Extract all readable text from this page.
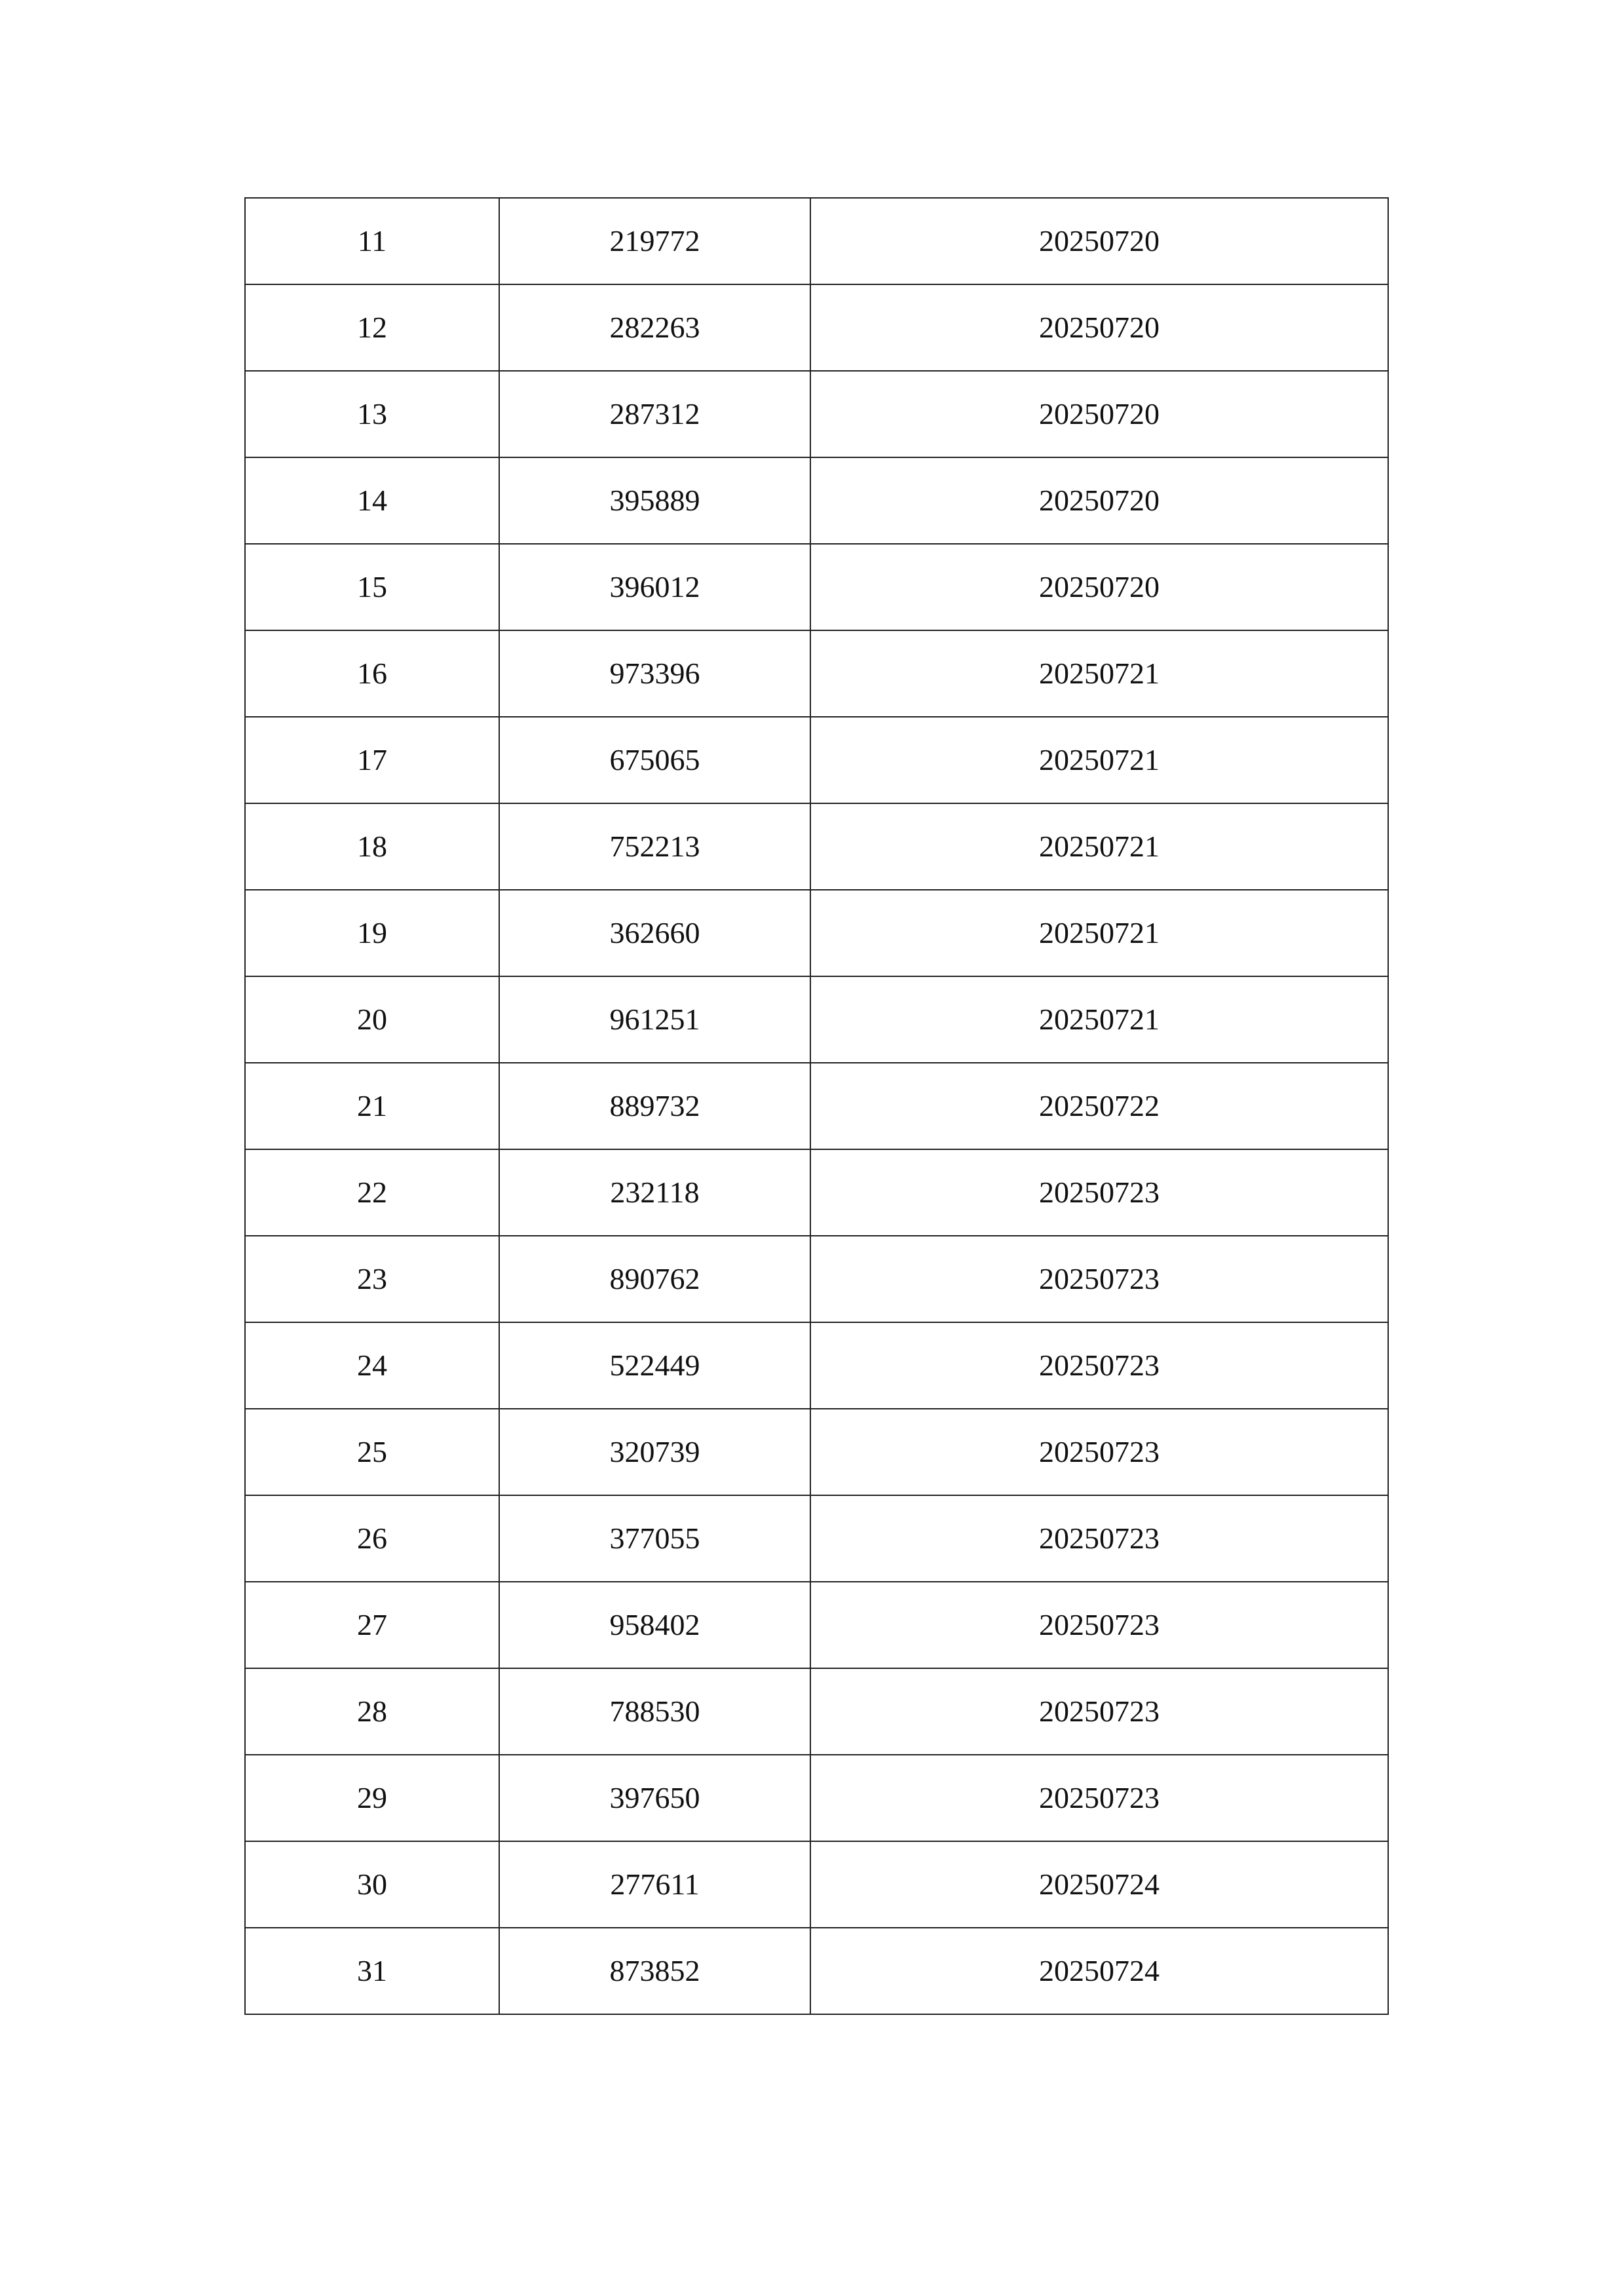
11	219772	20250720
12	282263	20250720
13	287312	20250720
14	395889	20250720
15	396012	20250720
16	973396	20250721
17	675065	20250721
18	752213	20250721
19	362660	20250721
20	961251	20250721
21	889732	20250722
22	232118	20250723
23	890762	20250723
24	522449	20250723
25	320739	20250723
26	377055	20250723
27	958402	20250723
28	788530	20250723
29	397650	20250723
30	277611	20250724
31	873852	20250724
